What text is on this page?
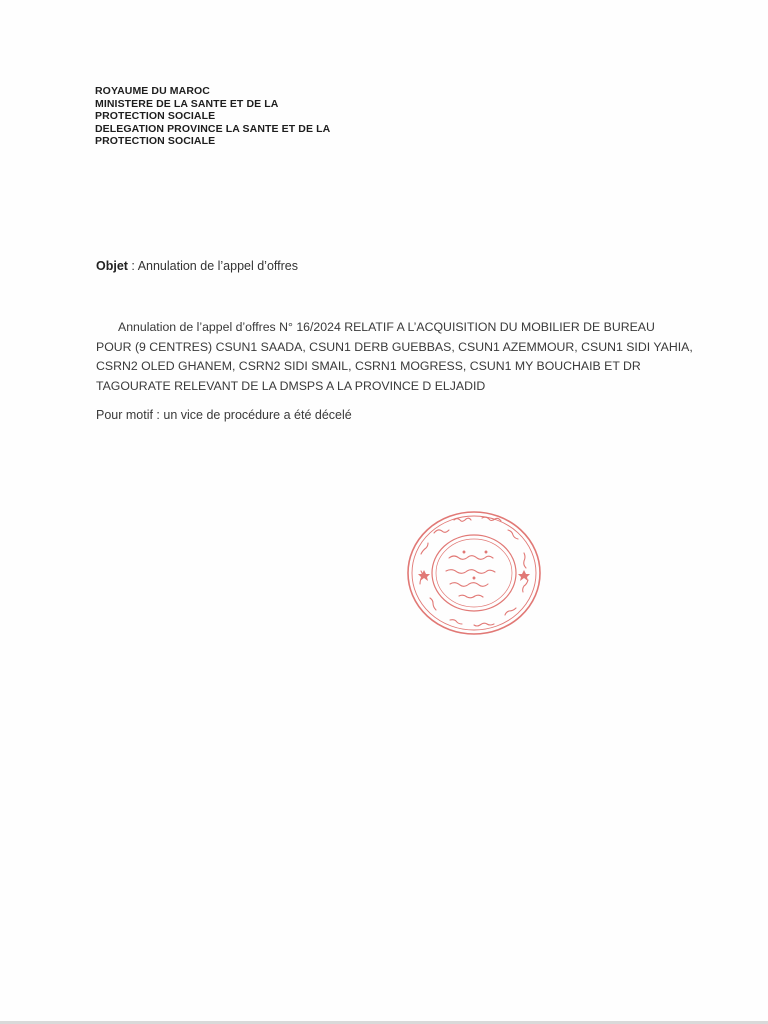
ROYAUME DU MAROC
MINISTERE DE LA SANTE ET DE LA
PROTECTION SOCIALE
DELEGATION PROVINCE LA SANTE ET DE LA
PROTECTION SOCIALE
Objet : Annulation de l’appel d’offres
Annulation de l’appel d’offres N° 16/2024 RELATIF A L’ACQUISITION DU MOBILIER DE BUREAU
POUR (9 CENTRES) CSUN1 SAADA, CSUN1 DERB GUEBBAS, CSUN1 AZEMMOUR, CSUN1 SIDI YAHIA,
CSRN2 OLED GHANEM, CSRN2 SIDI SMAIL, CSRN1 MOGRESS, CSUN1 MY BOUCHAIB ET DR
TAGOURATE RELEVANT DE LA DMSPS A LA PROVINCE D ELJADID
Pour motif : un vice de procédure a été décelé
